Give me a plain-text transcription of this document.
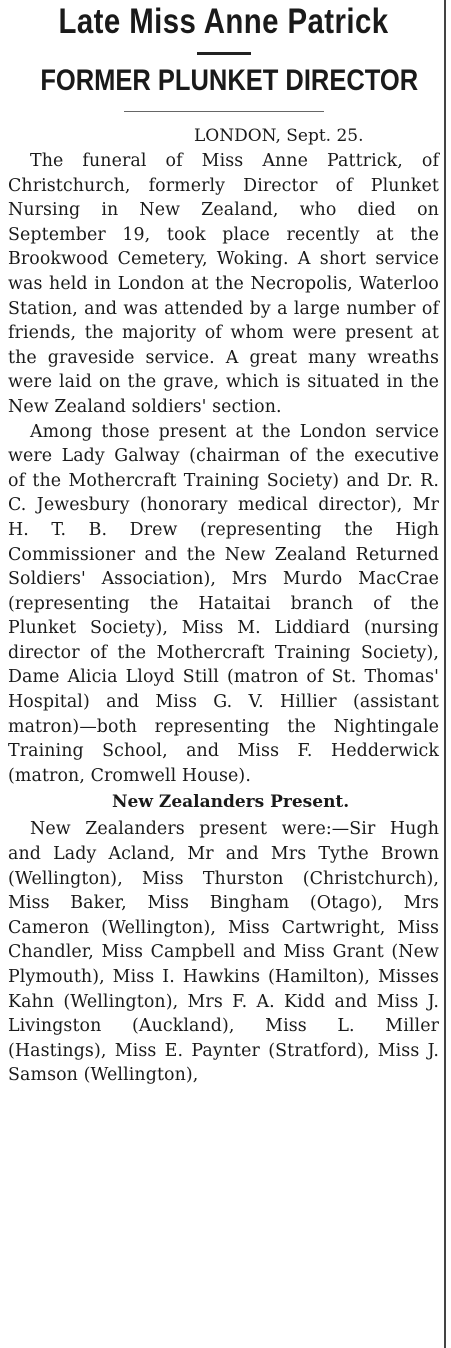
Late Miss Anne Patrick
FORMER PLUNKET DIRECTOR

LONDON, Sept. 25.

The funeral of Miss Anne Pattrick, of Christchurch, formerly Director of Plunket Nursing in New Zealand, who died on September 19, took place recently at the Brookwood Cemetery, Woking. A short service was held in London at the Necropolis, Waterloo Station, and was attended by a large number of friends, the majority of whom were present at the graveside service. A great many wreaths were laid on the grave, which is situated in the New Zealand soldiers' section.

Among those present at the London service were Lady Galway (chairman of the executive of the Mothercraft Training Society) and Dr. R. C. Jewesbury (honorary medical director), Mr H. T. B. Drew (representing the High Commissioner and the New Zealand Returned Soldiers' Association), Mrs Murdo MacCrae (representing the Hataitai branch of the Plunket Society), Miss M. Liddiard (nursing director of the Mothercraft Training Society), Dame Alicia Lloyd Still (matron of St. Thomas' Hospital) and Miss G. V. Hillier (assistant matron)—both representing the Nightingale Training School, and Miss F. Hedderwick (matron, Cromwell House).

New Zealanders Present.

New Zealanders present were:—Sir Hugh and Lady Acland, Mr and Mrs Tythe Brown (Wellington), Miss Thurston (Christchurch), Miss Baker, Miss Bingham (Otago), Mrs Cameron (Wellington), Miss Cartwright, Miss Chandler, Miss Campbell and Miss Grant (New Plymouth), Miss I. Hawkins (Hamilton), Misses Kahn (Wellington), Mrs F. A. Kidd and Miss J. Livingston (Auckland), Miss L. Miller (Hastings), Miss E. Paynter (Stratford), Miss J. Samson (Wellington),
